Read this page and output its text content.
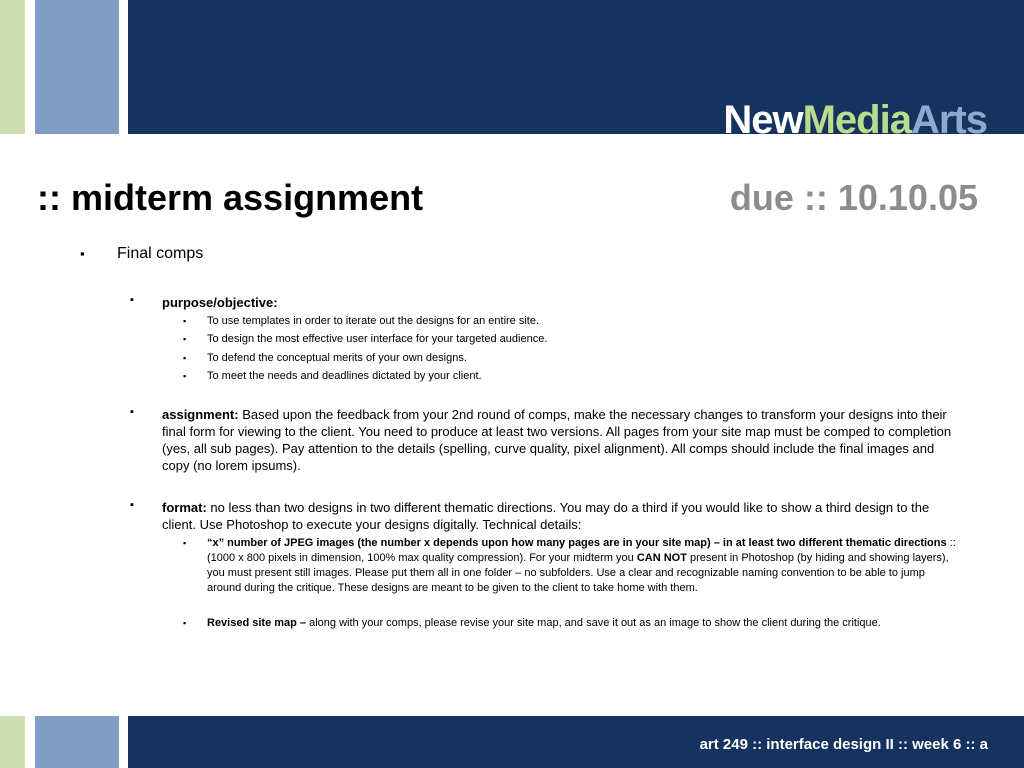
NewMediaArts
:: midterm assignment	due :: 10.10.05
▪	Final comps
▪ purpose/objective:
▪ To use templates in order to iterate out the designs for an entire site.
▪ To design the most effective user interface for your targeted audience.
▪ To defend the conceptual merits of your own designs.
▪ To meet the needs and deadlines dictated by your client.
▪ assignment: Based upon the feedback from your 2nd round of comps, make the necessary changes to transform your designs into their final form for viewing to the client. You need to produce at least two versions. All pages from your site map must be comped to completion (yes, all sub pages). Pay attention to the details (spelling, curve quality, pixel alignment). All comps should include the final images and copy (no lorem ipsums).
▪ format: no less than two designs in two different thematic directions. You may do a third if you would like to show a third design to the client. Use Photoshop to execute your designs digitally. Technical details:
▪ “x” number of JPEG images (the number x depends upon how many pages are in your site map) – in at least two different thematic directions :: (1000 x 800 pixels in dimension, 100% max quality compression). For your midterm you CAN NOT present in Photoshop (by hiding and showing layers), you must present still images. Please put them all in one folder – no subfolders. Use a clear and recognizable naming convention to be able to jump around during the critique. These designs are meant to be given to the client to take home with them.
▪ Revised site map – along with your comps, please revise your site map, and save it out as an image to show the client during the critique.
art 249 :: interface design II :: week 6 :: a
